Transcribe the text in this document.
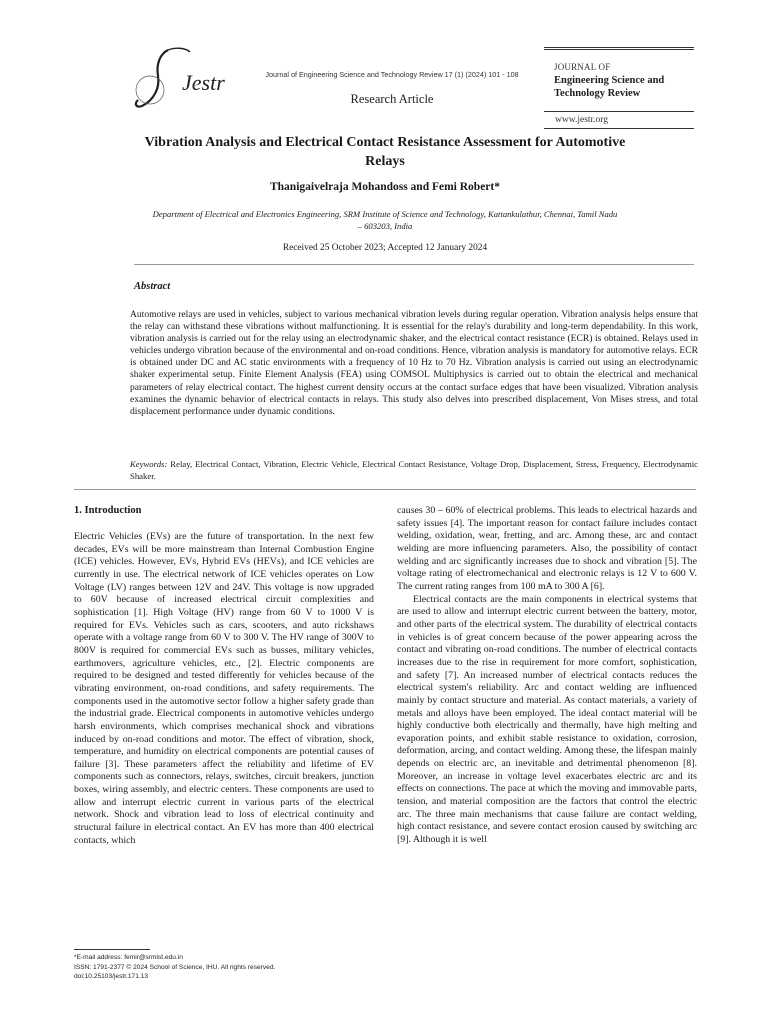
Jestr	Journal of Engineering Science and Technology Review 17 (1) (2024) 101 - 108
Research Article
JOURNAL OF
Engineering Science and
Technology Review
www.jestr.org
Vibration Analysis and Electrical Contact Resistance Assessment for Automotive
Relays
Thanigaivelraja Mohandoss and Femi Robert*
Department of Electrical and Electronics Engineering, SRM Institute of Science and Technology, Kattankulathur, Chennai, Tamil Nadu
– 603203, India
Received 25 October 2023; Accepted 12 January 2024
Abstract
Automotive relays are used in vehicles, subject to various mechanical vibration levels during regular operation. Vibration analysis helps ensure that the relay can withstand these vibrations without malfunctioning. It is essential for the relay's durability and long-term dependability. In this work, vibration analysis is carried out for the relay using an electrodynamic shaker, and the electrical contact resistance (ECR) is obtained. Relays used in vehicles undergo vibration because of the environmental and on-road conditions. Hence, vibration analysis is mandatory for automotive relays. ECR is obtained under DC and AC static environments with a frequency of 10 Hz to 70 Hz. Vibration analysis is carried out using an electrodynamic shaker experimental setup. Finite Element Analysis (FEA) using COMSOL Multiphysics is carried out to obtain the electrical and mechanical parameters of relay electrical contact. The highest current density occurs at the contact surface edges that have been visualized. Vibration analysis examines the dynamic behavior of electrical contacts in relays. This study also delves into prescribed displacement, Von Mises stress, and total displacement performance under dynamic conditions.
Keywords: Relay, Electrical Contact, Vibration, Electric Vehicle, Electrical Contact Resistance, Voltage Drop, Displacement, Stress, Frequency, Electrodynamic Shaker.
1. Introduction

Electric Vehicles (EVs) are the future of transportation. In the next few decades, EVs will be more mainstream than Internal Combustion Engine (ICE) vehicles. However, EVs, Hybrid EVs (HEVs), and ICE vehicles are currently in use. The electrical network of ICE vehicles operates on Low Voltage (LV) ranges between 12V and 24V. This voltage is now upgraded to 60V because of increased electrical circuit complexities and sophistication [1]. High Voltage (HV) range from 60 V to 1000 V is required for EVs. Vehicles such as cars, scooters, and auto rickshaws operate with a voltage range from 60 V to 300 V. The HV range of 300V to 800V is required for commercial EVs such as busses, military vehicles, earthmovers, agriculture vehicles, etc., [2]. Electric components are required to be designed and tested differently for vehicles because of the vibrating environment, on-road conditions, and safety requirements. The components used in the automotive sector follow a higher safety grade than the industrial grade. Electrical components in automotive vehicles undergo harsh environments, which comprises mechanical shock and vibrations induced by on-road conditions and motor. The effect of vibration, shock, temperature, and humidity on electrical components are potential causes of failure [3]. These parameters affect the reliability and lifetime of EV components such as connectors, relays, switches, circuit breakers, junction boxes, wiring assembly, and electric centers. These components are used to allow and interrupt electric current in various parts of the electrical network. Shock and vibration lead to loss of electrical continuity and structural failure in electrical contact. An EV has more than 400 electrical contacts, which

causes 30 – 60% of electrical problems. This leads to electrical hazards and safety issues [4]. The important reason for contact failure includes contact welding, oxidation, wear, fretting, and arc. Among these, arc and contact welding are more influencing parameters. Also, the possibility of contact welding and arc significantly increases due to shock and vibration [5]. The voltage rating of electromechanical and electronic relays is 12 V to 600 V. The current rating ranges from 100 mA to 300 A [6].

Electrical contacts are the main components in electrical systems that are used to allow and interrupt electric current between the battery, motor, and other parts of the electrical system. The durability of electrical contacts in vehicles is of great concern because of the power appearing across the contact and vibrating on-road conditions. The number of electrical contacts increases due to the rise in requirement for more comfort, sophistication, and safety [7]. An increased number of electrical contacts reduces the electrical system's reliability. Arc and contact welding are influenced mainly by contact structure and material. As contact materials, a variety of metals and alloys have been employed. The ideal contact material will be highly conductive both electrically and thermally, have high melting and evaporation points, and exhibit stable resistance to oxidation, corrosion, deformation, arcing, and contact welding. Among these, the lifespan mainly depends on electric arc, an inevitable and detrimental phenomenon [8]. Moreover, an increase in voltage level exacerbates electric arc and its effects on connections. The pace at which the moving and immovable parts, tension, and material composition are the factors that control the electric arc. The three main mechanisms that cause failure are contact welding, high contact resistance, and severe contact erosion caused by switching arc [9]. Although it is well

*E-mail address: femir@srmist.edu.in
ISSN: 1791-2377 © 2024 School of Science, IHU. All rights reserved.
doi:10.25103/jestr.171.13
